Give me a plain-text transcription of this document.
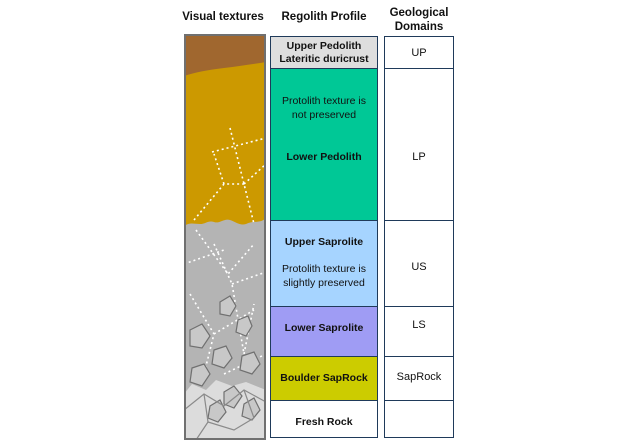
Visual textures	Regolith Profile	Geological
Domains
Upper Pedolith
Lateritic duricrust
Protolith texture is
not preserved
Lower Pedolith
Upper Saprolite
Protolith texture is
slightly preserved
Lower Saprolite
Boulder SapRock
Fresh Rock
UP
LP
US
LS
SapRock
